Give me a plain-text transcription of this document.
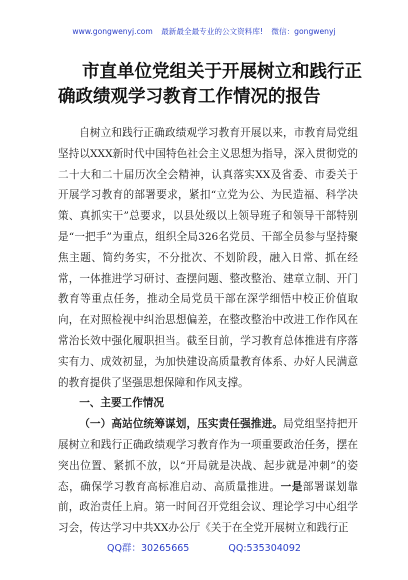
www.gongwenyj.com 最新最全最专业的公文资料库! 微信：gongwenyj
市直单位党组关于开展树立和践行正
确政绩观学习教育工作情况的报告

自树立和践行正确政绩观学习教育开展以来，市教育局党组坚持以XXX新时代中国特色社会主义思想为指导，深入贯彻党的二十大和二十届历次全会精神，认真落实XX及省委、市委关于开展学习教育的部署要求，紧扣“立党为公、为民造福、科学决策、真抓实干”总要求，以县处级以上领导班子和领导干部特别是“一把手”为重点，组织全局326名党员、干部全员参与坚持聚焦主题、简约务实，不分批次、不划阶段，融入日常、抓在经常，一体推进学习研讨、查摆问题、整改整治、建章立制、开门教育等重点任务，推动全局党员干部在深学细悟中校正价值取向，在对照检视中纠治思想偏差，在整改整治中改进工作作风在常治长效中强化履职担当。截至目前，学习教育总体推进有序落实有力、成效初显，为加快建设高质量教育体系、办好人民满意的教育提供了坚强思想保障和作风支撑。

一、主要工作情况

（一）高站位统筹谋划，压实责任强推进。局党组坚持把开展树立和践行正确政绩观学习教育作为一项重要政治任务，摆在突出位置、紧抓不放，以“开局就是决战、起步就是冲刺”的姿态，确保学习教育高标准启动、高质量推进。一是部署谋划靠前，政治责任上肩。第一时间召开党组会议、理论学习中心组学习会，传达学习中共XX办公厅《关于在全党开展树立和践行正

QQ群：30265665	QQ:535304092
